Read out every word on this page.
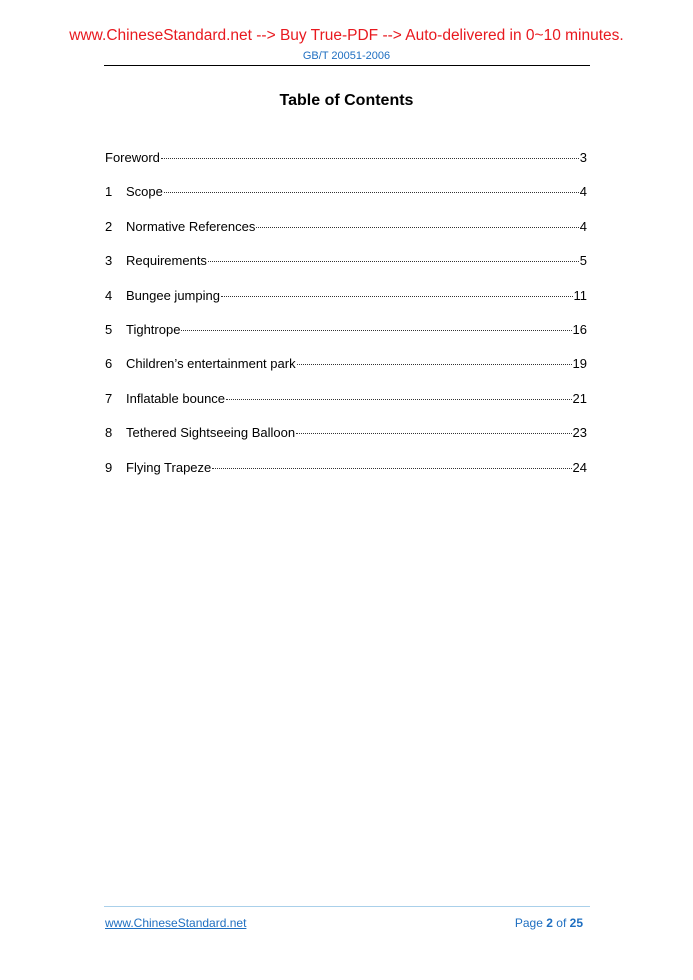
www.ChineseStandard.net --> Buy True-PDF --> Auto-delivered in 0~10 minutes.
GB/T 20051-2006
Table of Contents
Foreword	3
1	Scope	4
2	Normative References	4
3	Requirements	5
4	Bungee jumping	11
5	Tightrope	16
6	Children’s entertainment park	19
7	Inflatable bounce	21
8	Tethered Sightseeing Balloon	23
9	Flying Trapeze	24
www.ChineseStandard.net	Page 2 of 25
